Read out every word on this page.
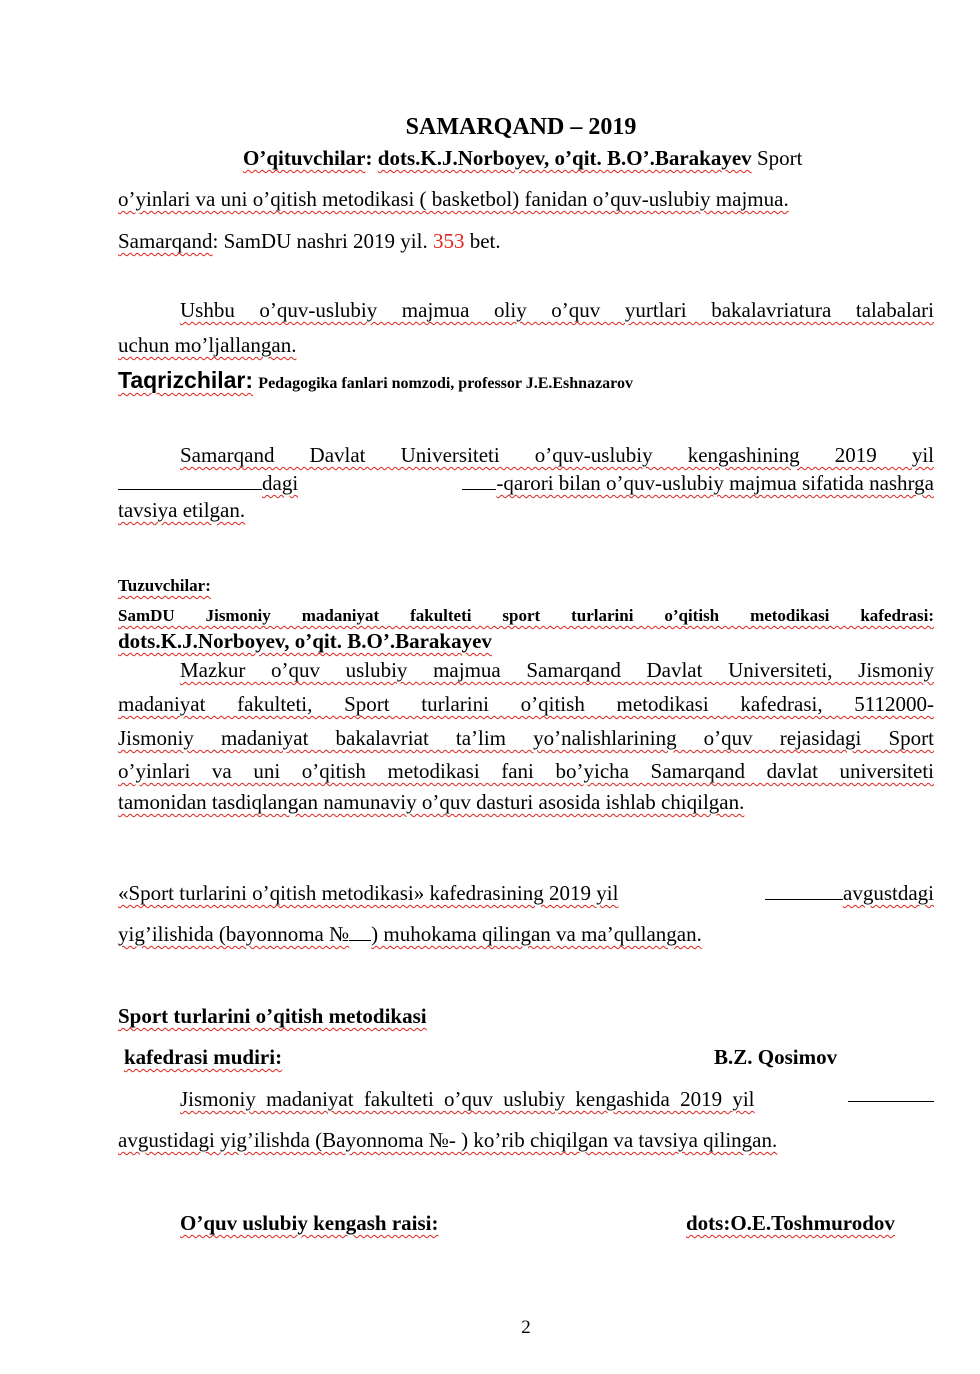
SAMARQAND – 2019
O’qituvchilar: dots.K.J.Norboyev, o’qit. B.O’.Barakayev Sport
o’yinlari va uni o’qitish metodikasi ( basketbol) fanidan o’quv-uslubiy majmua.
Samarqand: SamDU nashri 2019 yil. 353 bet.
Ushbu o’quv-uslubiy majmua oliy o’quv yurtlari bakalavriatura talabalari
uchun mo’ljallangan.
Taqrizchilar: Pedagogika fanlari nomzodi, professor J.E.Eshnazarov
Samarqand Davlat Universiteti o’quv-uslubiy kengashining 2019 yil
dagi	-qarori bilan o’quv-uslubiy majmua sifatida nashrga
tavsiya etilgan.
Tuzuvchilar:
SamDU Jismoniy madaniyat fakulteti sport turlarini o’qitish metodikasi kafedrasi:
dots.K.J.Norboyev, o’qit. B.O’.Barakayev
Mazkur o’quv uslubiy majmua Samarqand Davlat Universiteti, Jismoniy
madaniyat fakulteti, Sport turlarini o’qitish metodikasi kafedrasi, 5112000-
Jismoniy madaniyat bakalavriat ta’lim yo’nalishlarining o’quv rejasidagi Sport
o’yinlari va uni o’qitish metodikasi fani bo’yicha Samarqand davlat universiteti
tamonidan tasdiqlangan namunaviy o’quv dasturi asosida ishlab chiqilgan.
«Sport turlarini o’qitish metodikasi» kafedrasining 2019 yil	avgustdagi
yig’ilishida (bayonnoma № ) muhokama qilingan va ma’qullangan.
Sport turlarini o’qitish metodikasi
kafedrasi mudiri:	B.Z. Qosimov
Jismoniy madaniyat fakulteti o’quv uslubiy kengashida 2019 yil
avgustidagi yig’ilishda (Bayonnoma №- ) ko’rib chiqilgan va tavsiya qilingan.
O’quv uslubiy kengash raisi:	dots:O.E.Toshmurodov
2
